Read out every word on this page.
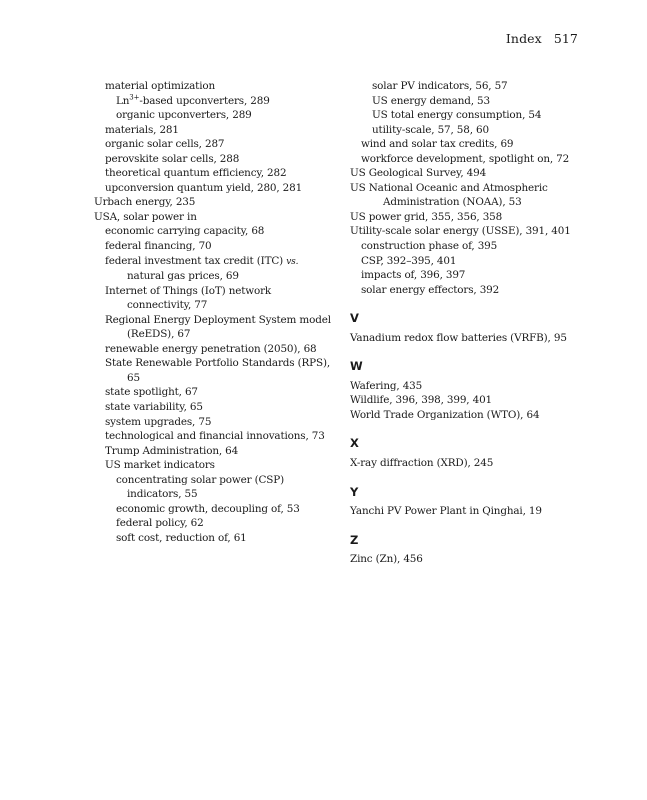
Index 517
material optimization
$Ln^{3+}$-based upconverters, 289
organic upconverters, 289
materials, 281
organic solar cells, 287
perovskite solar cells, 288
theoretical quantum efficiency, 282
upconversion quantum yield, 280, 281
Urbach energy, 235
USA, solar power in
economic carrying capacity, 68
federal financing, 70
federal investment tax credit (ITC) vs.
natural gas prices, 69
Internet of Things (IoT) network
connectivity, 77
Regional Energy Deployment System model
(ReEDS), 67
renewable energy penetration (2050), 68
State Renewable Portfolio Standards (RPS),
65
state spotlight, 67
state variability, 65
system upgrades, 75
technological and financial innovations, 73
Trump Administration, 64
US market indicators
concentrating solar power (CSP)
indicators, 55
economic growth, decoupling of, 53
federal policy, 62
soft cost, reduction of, 61
solar PV indicators, 56, 57
US energy demand, 53
US total energy consumption, 54
utility-scale, 57, 58, 60
wind and solar tax credits, 69
workforce development, spotlight on, 72
US Geological Survey, 494
US National Oceanic and Atmospheric
Administration (NOAA), 53
US power grid, 355, 356, 358
Utility-scale solar energy (USSE), 391, 401
construction phase of, 395
CSP, 392–395, 401
impacts of, 396, 397
solar energy effectors, 392
V
Vanadium redox flow batteries (VRFB), 95
W
Wafering, 435
Wildlife, 396, 398, 399, 401
World Trade Organization (WTO), 64
X
X-ray diffraction (XRD), 245
Y
Yanchi PV Power Plant in Qinghai, 19
Z
Zinc (Zn), 456
